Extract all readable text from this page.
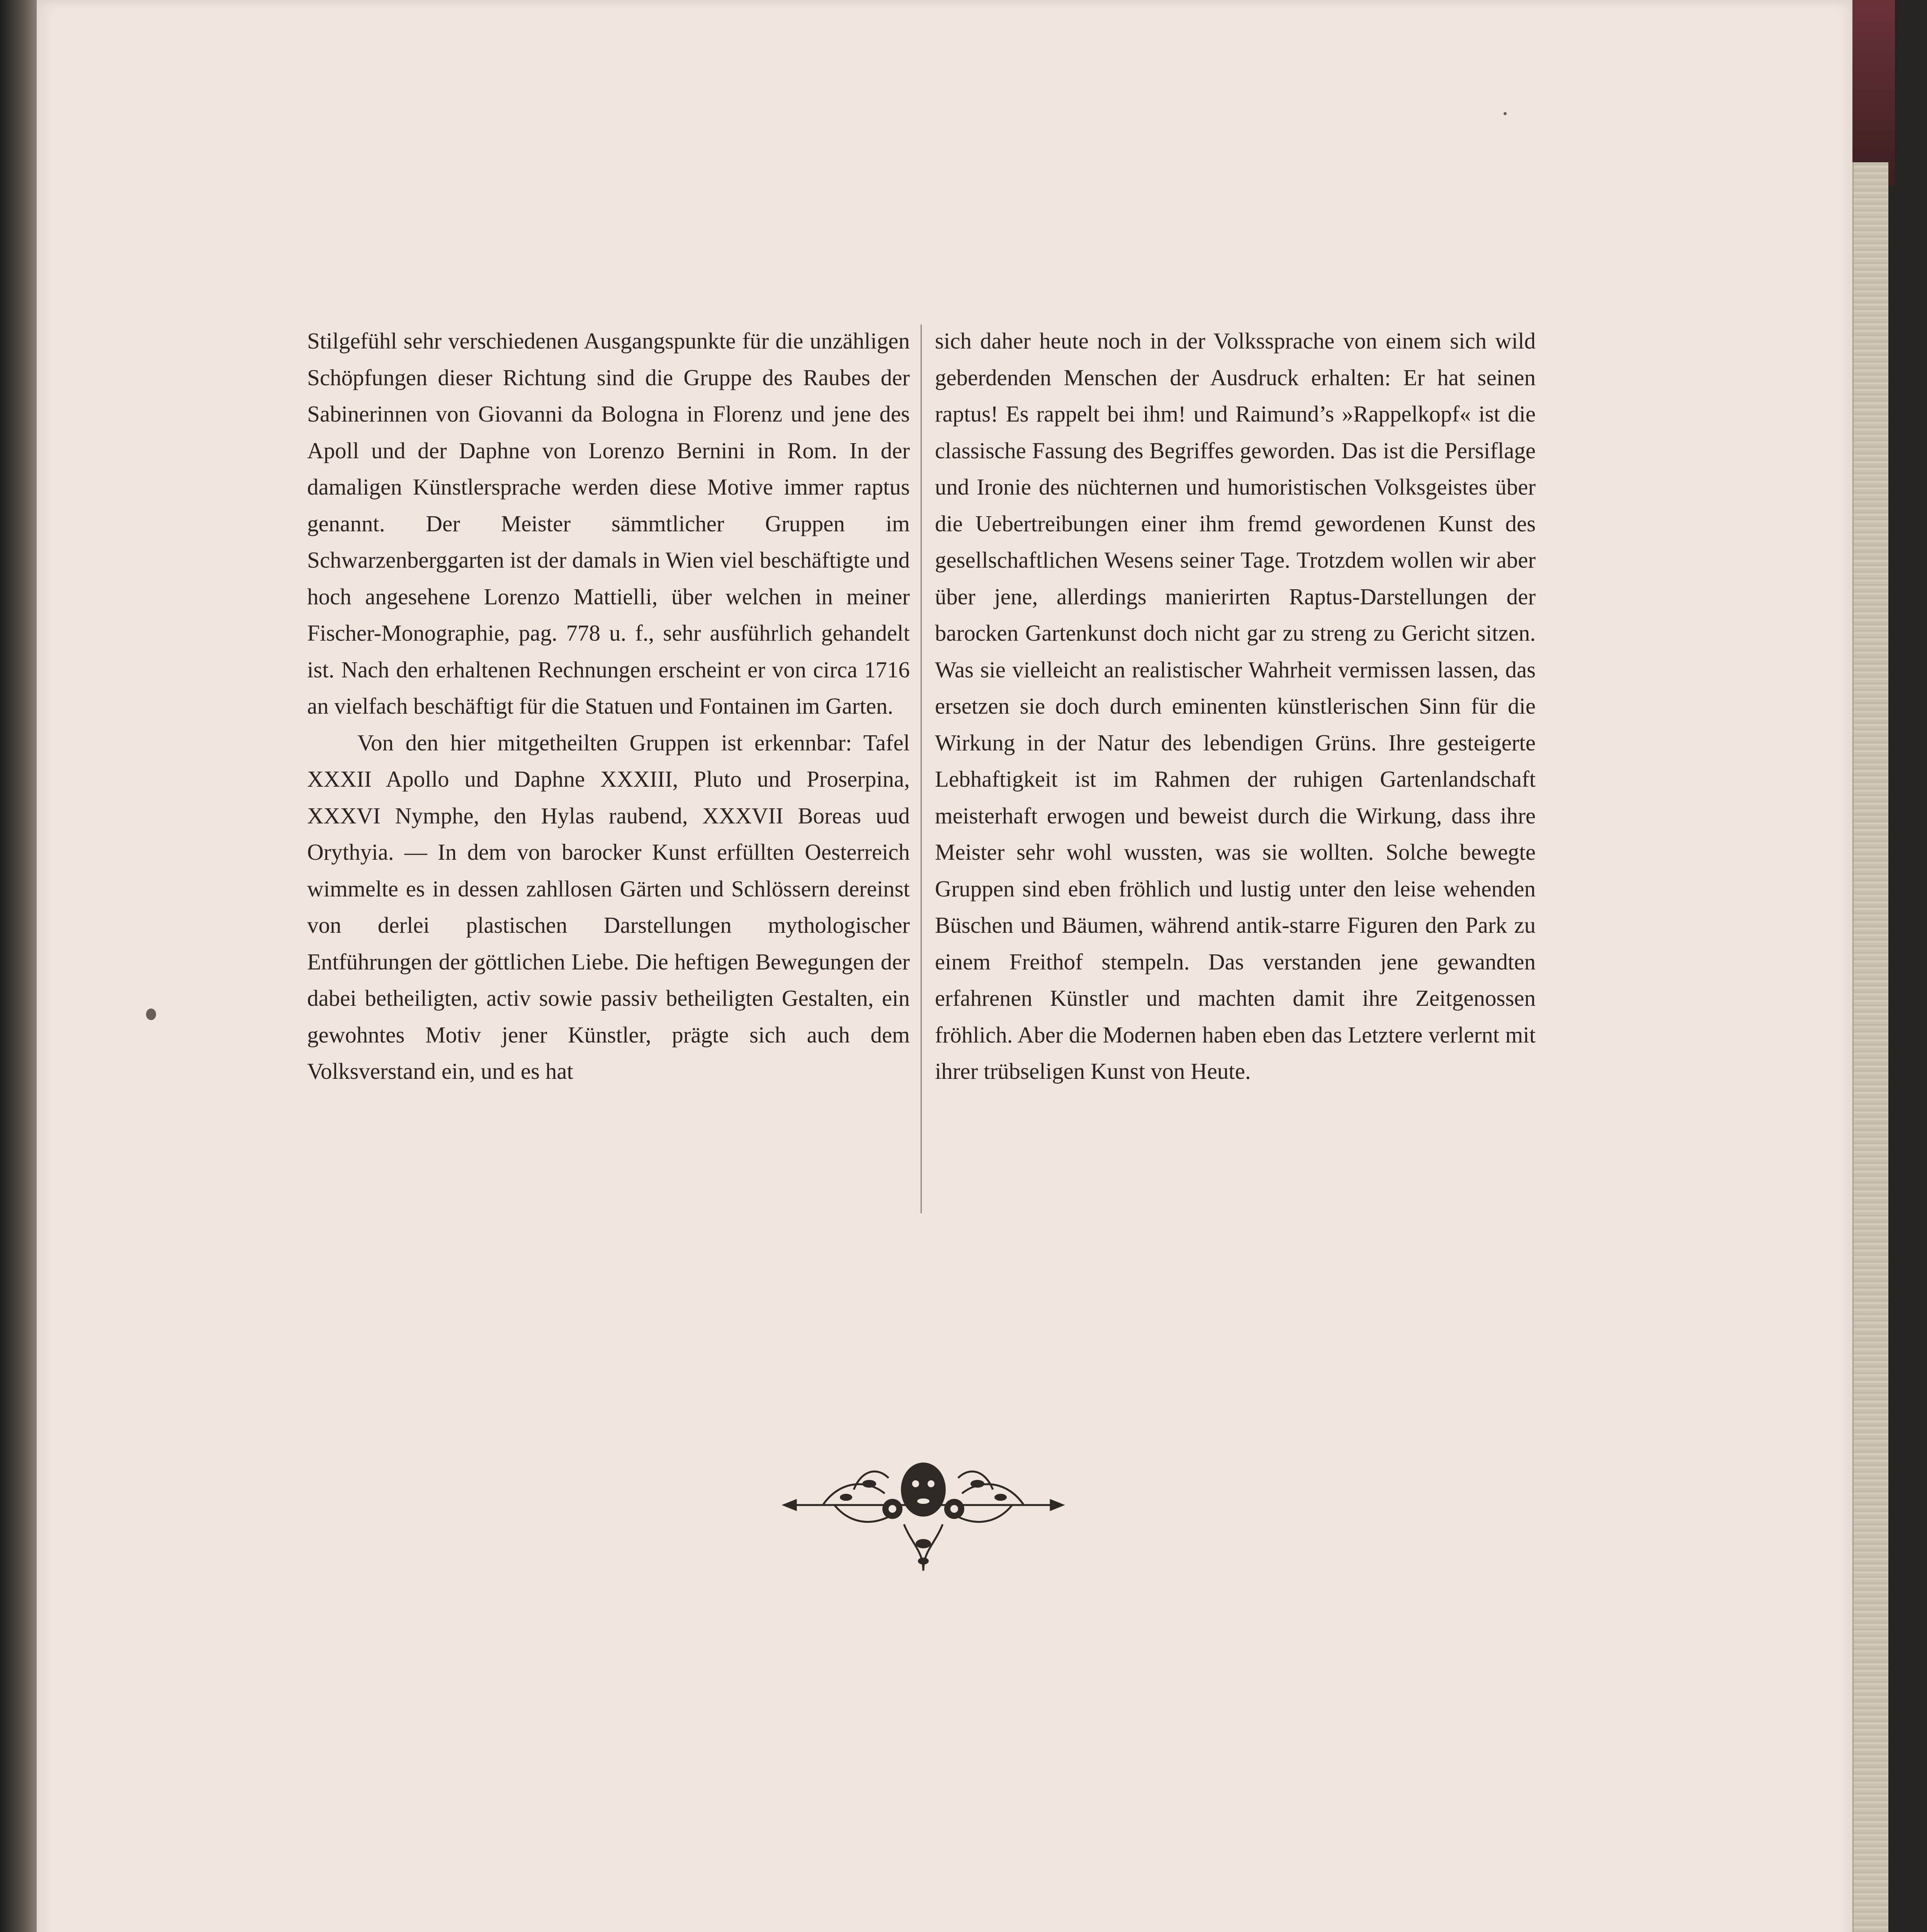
Stilgefühl sehr verschiedenen Ausgangspunkte für die unzähligen Schöpfungen dieser Richtung sind die Gruppe des Raubes der Sabinerinnen von Giovanni da Bologna in Florenz und jene des Apoll und der Daphne von Lorenzo Bernini in Rom. In der damaligen Künstlersprache werden diese Motive immer raptus genannt. Der Meister sämmtlicher Gruppen im Schwarzenberggarten ist der damals in Wien viel beschäftigte und hoch angesehene Lorenzo Mattielli, über welchen in meiner Fischer-Monographie, pag. 778 u. f., sehr ausführlich gehandelt ist. Nach den erhaltenen Rechnungen erscheint er von circa 1716 an vielfach beschäftigt für die Statuen und Fontainen im Garten.

Von den hier mitgetheilten Gruppen ist erkennbar: Tafel XXXII Apollo und Daphne XXXIII, Pluto und Proserpina, XXXVI Nymphe, den Hylas raubend, XXXVII Boreas uud Orythyia. — In dem von barocker Kunst erfüllten Oesterreich wimmelte es in dessen zahllosen Gärten und Schlössern dereinst von derlei plastischen Darstellungen mythologischer Entführungen der göttlichen Liebe. Die heftigen Bewegungen der dabei betheiligten, activ sowie passiv betheiligten Gestalten, ein gewohntes Motiv jener Künstler, prägte sich auch dem Volksverstand ein, und es hat

sich daher heute noch in der Volkssprache von einem sich wild geberdenden Menschen der Ausdruck erhalten: Er hat seinen raptus! Es rappelt bei ihm! und Raimund’s »Rappelkopf« ist die classische Fassung des Begriffes geworden. Das ist die Persiflage und Ironie des nüchternen und humoristischen Volksgeistes über die Uebertreibungen einer ihm fremd gewordenen Kunst des gesellschaftlichen Wesens seiner Tage. Trotzdem wollen wir aber über jene, allerdings manierirten Raptus-Darstellungen der barocken Gartenkunst doch nicht gar zu streng zu Gericht sitzen. Was sie vielleicht an realistischer Wahrheit vermissen lassen, das ersetzen sie doch durch eminenten künstlerischen Sinn für die Wirkung in der Natur des lebendigen Grüns. Ihre gesteigerte Lebhaftigkeit ist im Rahmen der ruhigen Gartenlandschaft meisterhaft erwogen und beweist durch die Wirkung, dass ihre Meister sehr wohl wussten, was sie wollten. Solche bewegte Gruppen sind eben fröhlich und lustig unter den leise wehenden Büschen und Bäumen, während antik-starre Figuren den Park zu einem Freithof stempeln. Das verstanden jene gewandten erfahrenen Künstler und machten damit ihre Zeitgenossen fröhlich. Aber die Modernen haben eben das Letztere verlernt mit ihrer trübseligen Kunst von Heute.
